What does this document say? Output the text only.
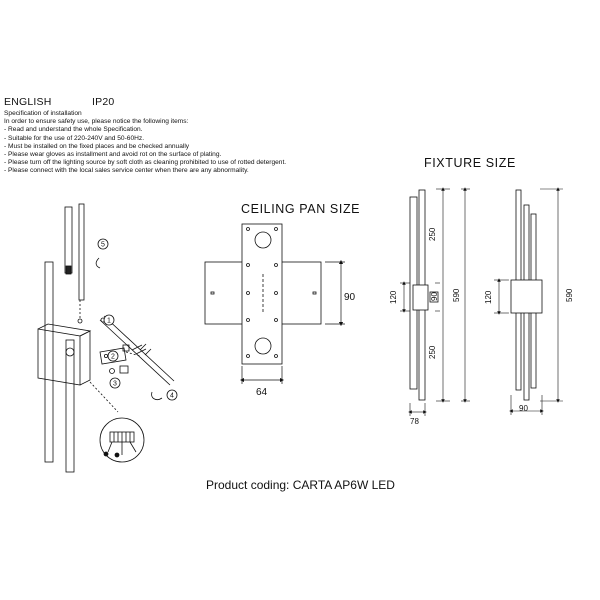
ENGLISH	IP20
Specification of installation
In order to ensure safety use, please notice the following items:
- Read and understand the whole Specification.
- Suitable for the use of 220-240V and 50-60Hz.
- Must be installed on the fixed places and be checked annually
- Please wear gloves as installment and avoid rot on the surface of plating.
- Please turn off the lighting source by soft cloth as cleaning prohibited to use of rotted detergent.
- Please connect with the local sales service center when there are any abnormality.
FIXTURE SIZE
CEILING PAN SIZE
5
1
2
3
4
90
64
250
90
250
590
120
78
590
120
90
Product coding: CARTA AP6W LED
